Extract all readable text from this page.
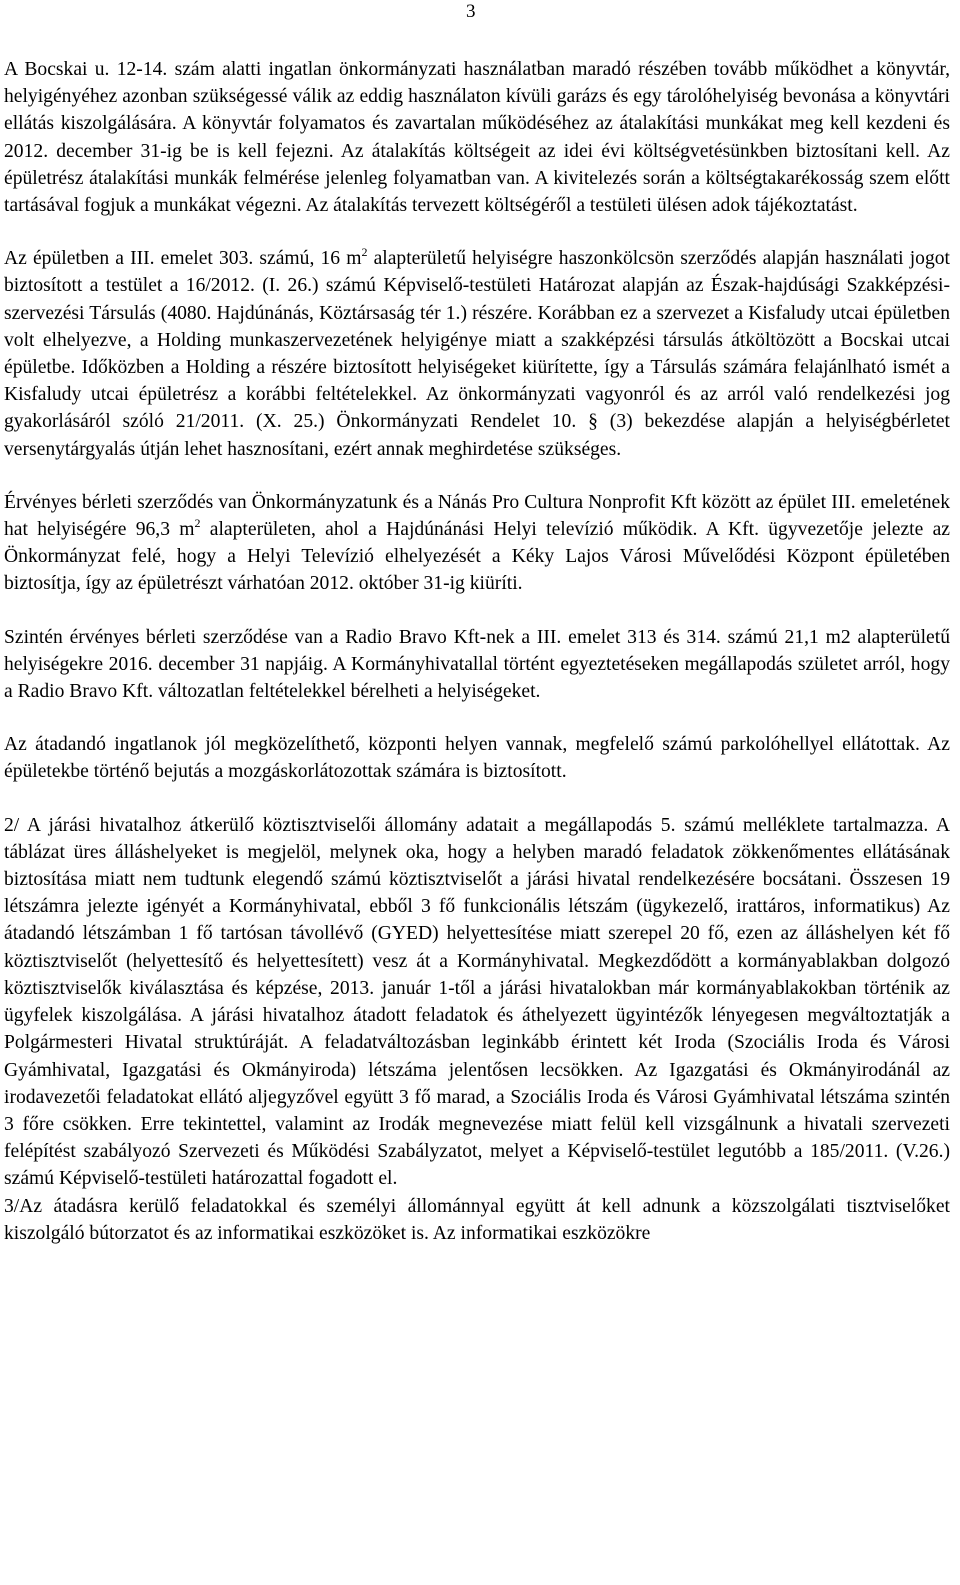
3

A Bocskai u. 12-14. szám alatti ingatlan önkormányzati használatban maradó részében tovább működhet a könyvtár, helyigényéhez azonban szükségessé válik az eddig használaton kívüli garázs és egy tárolóhelyiség bevonása a könyvtári ellátás kiszolgálására. A könyvtár folyamatos és zavartalan működéséhez az átalakítási munkákat meg kell kezdeni és 2012. december 31-ig be is kell fejezni. Az átalakítás költségeit az idei évi költségvetésünkben biztosítani kell. Az épületrész átalakítási munkák felmérése jelenleg folyamatban van. A kivitelezés során a költségtakarékosság szem előtt tartásával fogjuk a munkákat végezni. Az átalakítás tervezett költségéről a testületi ülésen adok tájékoztatást.

Az épületben a III. emelet 303. számú, 16 $m^2$ alapterületű helyiségre haszonkölcsön szerződés alapján használati jogot biztosított a testület a 16/2012. (I. 26.) számú Képviselő-testületi Határozat alapján az Észak-hajdúsági Szakképzési-szervezési Társulás (4080. Hajdúnánás, Köztársaság tér 1.) részére. Korábban ez a szervezet a Kisfaludy utcai épületben volt elhelyezve, a Holding munkaszervezetének helyigénye miatt a szakképzési társulás átköltözött a Bocskai utcai épületbe. Időközben a Holding a részére biztosított helyiségeket kiürítette, így a Társulás számára felajánlható ismét a Kisfaludy utcai épületrész a korábbi feltételekkel. Az önkormányzati vagyonról és az arról való rendelkezési jog gyakorlásáról szóló 21/2011. (X. 25.) Önkormányzati Rendelet 10. § (3) bekezdése alapján a helyiségbérletet versenytárgyalás útján lehet hasznosítani, ezért annak meghirdetése szükséges.

Érvényes bérleti szerződés van Önkormányzatunk és a Nánás Pro Cultura Nonprofit Kft között az épület III. emeletének hat helyiségére 96,3 $m^2$ alapterületen, ahol a Hajdúnánási Helyi televízió működik. A Kft. ügyvezetője jelezte az Önkormányzat felé, hogy a Helyi Televízió elhelyezését a Kéky Lajos Városi Művelődési Központ épületében biztosítja, így az épületrészt várhatóan 2012. október 31-ig kiüríti.

Szintén érvényes bérleti szerződése van a Radio Bravo Kft-nek a III. emelet 313 és 314. számú 21,1 m2 alapterületű helyiségekre 2016. december 31 napjáig. A Kormányhivatallal történt egyeztetéseken megállapodás születet arról, hogy a Radio Bravo Kft. változatlan feltételekkel bérelheti a helyiségeket.

Az átadandó ingatlanok jól megközelíthető, központi helyen vannak, megfelelő számú parkolóhellyel ellátottak. Az épületekbe történő bejutás a mozgáskorlátozottak számára is biztosított.

2/ A járási hivatalhoz átkerülő köztisztviselői állomány adatait a megállapodás 5. számú melléklete tartalmazza. A táblázat üres álláshelyeket is megjelöl, melynek oka, hogy a helyben maradó feladatok zökkenőmentes ellátásának biztosítása miatt nem tudtunk elegendő számú köztisztviselőt a járási hivatal rendelkezésére bocsátani. Összesen 19 létszámra jelezte igényét a Kormányhivatal, ebből 3 fő funkcionális létszám (ügykezelő, irattáros, informatikus) Az átadandó létszámban 1 fő tartósan távollévő (GYED) helyettesítése miatt szerepel 20 fő, ezen az álláshelyen két fő köztisztviselőt (helyettesítő és helyettesített) vesz át a Kormányhivatal. Megkezdődött a kormányablakban dolgozó köztisztviselők kiválasztása és képzése, 2013. január 1-től a járási hivatalokban már kormányablakokban történik az ügyfelek kiszolgálása. A járási hivatalhoz átadott feladatok és áthelyezett ügyintézők lényegesen megváltoztatják a Polgármesteri Hivatal struktúráját. A feladatváltozásban leginkább érintett két Iroda (Szociális Iroda és Városi Gyámhivatal, Igazgatási és Okmányiroda) létszáma jelentősen lecsökken. Az Igazgatási és Okmányirodánál az irodavezetői feladatokat ellátó aljegyzővel együtt 3 fő marad, a Szociális Iroda és Városi Gyámhivatal létszáma szintén 3 főre csökken. Erre tekintettel, valamint az Irodák megnevezése miatt felül kell vizsgálnunk a hivatali szervezeti felépítést szabályozó Szervezeti és Működési Szabályzatot, melyet a Képviselő-testület legutóbb a 185/2011. (V.26.) számú Képviselő-testületi határozattal fogadott el.

3/Az átadásra kerülő feladatokkal és személyi állománnyal együtt át kell adnunk a közszolgálati tisztviselőket kiszolgáló bútorzatot és az informatikai eszközöket is. Az informatikai eszközökre
